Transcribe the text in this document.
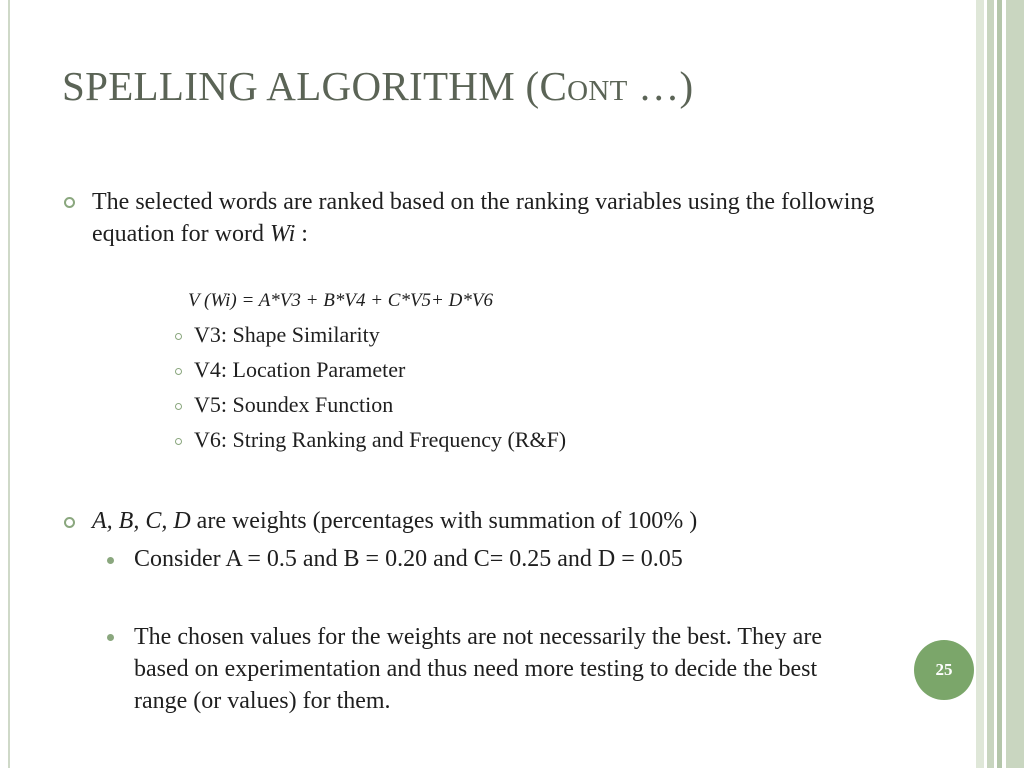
SPELLING ALGORITHM (Cont …)
The selected words are ranked based on the ranking variables using the following equation for word Wi :
V (Wi) = A*V3 + B*V4 + C*V5+ D*V6
V3: Shape Similarity
V4: Location Parameter
V5: Soundex Function
V6: String Ranking and Frequency (R&F)
A, B, C, D are weights (percentages with summation of 100% )
Consider A = 0.5 and B = 0.20 and C= 0.25 and D = 0.05
The chosen values for the weights are not necessarily the best. They are based on experimentation and thus need more testing to decide the best range (or values) for them.
25
